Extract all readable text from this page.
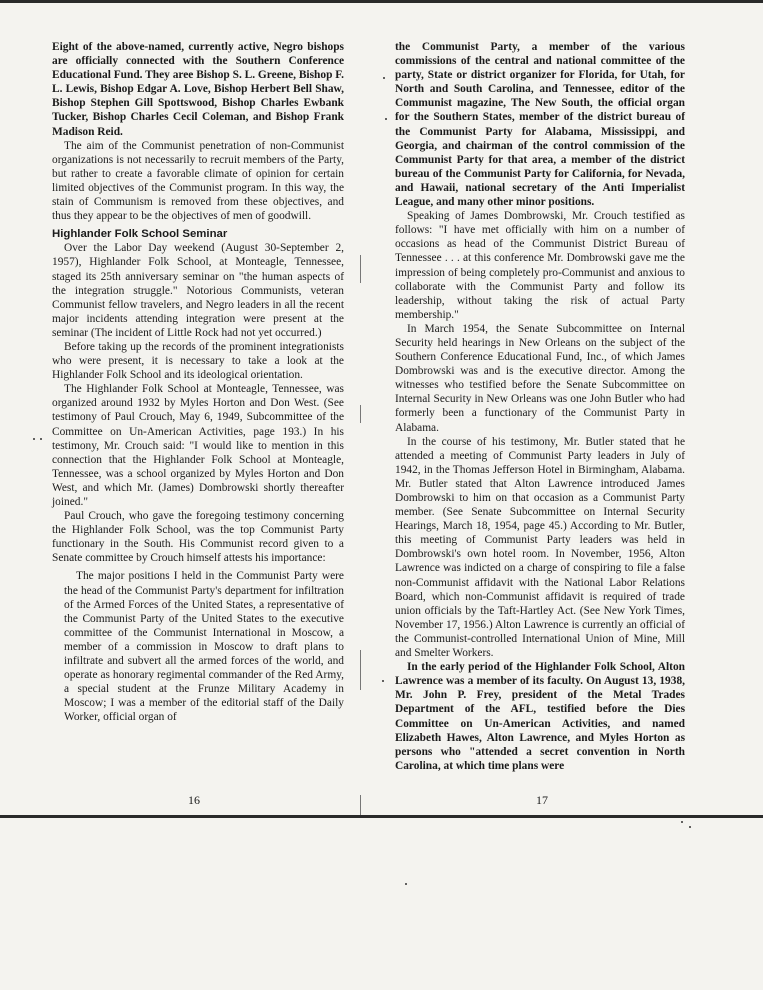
Eight of the above-named, currently active, Negro bishops are officially connected with the Southern Conference Educational Fund. They aree Bishop S. L. Greene, Bishop F. L. Lewis, Bishop Edgar A. Love, Bishop Herbert Bell Shaw, Bishop Stephen Gill Spottswood, Bishop Charles Ewbank Tucker, Bishop Charles Cecil Coleman, and Bishop Frank Madison Reid.

The aim of the Communist penetration of non-Communist organizations is not necessarily to recruit members of the Party, but rather to create a favorable climate of opinion for certain limited objectives of the Communist program. In this way, the stain of Communism is removed from these objectives, and thus they appear to be the objectives of men of goodwill.

Highlander Folk School Seminar

Over the Labor Day weekend (August 30-September 2, 1957), Highlander Folk School, at Monteagle, Tennessee, staged its 25th anniversary seminar on "the human aspects of the integration struggle." Notorious Communists, veteran Communist fellow travelers, and Negro leaders in all the recent major incidents attending integration were present at the seminar (The incident of Little Rock had not yet occurred.)

Before taking up the records of the prominent integrationists who were present, it is necessary to take a look at the Highlander Folk School and its ideological orientation.

The Highlander Folk School at Monteagle, Tennessee, was organized around 1932 by Myles Horton and Don West. (See testimony of Paul Crouch, May 6, 1949, Subcommittee of the Committee on Un-American Activities, page 193.) In his testimony, Mr. Crouch said: "I would like to mention in this connection that the Highlander Folk School at Monteagle, Tennessee, was a school organized by Myles Horton and Don West, and which Mr. (James) Dombrowski shortly thereafter joined."

Paul Crouch, who gave the foregoing testimony concerning the Highlander Folk School, was the top Communist Party functionary in the South. His Communist record given to a Senate committee by Crouch himself attests his importance:

The major positions I held in the Communist Party were the head of the Communist Party's department for infiltration of the Armed Forces of the United States, a representative of the Communist Party of the United States to the executive committee of the Communist International in Moscow, a member of a commission in Moscow to draft plans to infiltrate and subvert all the armed forces of the world, and operate as honorary regimental commander of the Red Army, a special student at the Frunze Military Academy in Moscow; I was a member of the editorial staff of the Daily Worker, official organ of

the Communist Party, a member of the various commissions of the central and national committee of the party, State or district organizer for Florida, for Utah, for North and South Carolina, and Tennessee, editor of the Communist magazine, The New South, the official organ for the Southern States, member of the district bureau of the Communist Party for Alabama, Mississippi, and Georgia, and chairman of the control commission of the Communist Party for that area, a member of the district bureau of the Communist Party for California, for Nevada, and Hawaii, national secretary of the Anti Imperialist League, and many other minor positions.

Speaking of James Dombrowski, Mr. Crouch testified as follows: "I have met officially with him on a number of occasions as head of the Communist District Bureau of Tennessee . . . at this conference Mr. Dombrowski gave me the impression of being completely pro-Communist and anxious to collaborate with the Communist Party and follow its leadership, without taking the risk of actual Party membership."

In March 1954, the Senate Subcommittee on Internal Security held hearings in New Orleans on the subject of the Southern Conference Educational Fund, Inc., of which James Dombrowski was and is the executive director. Among the witnesses who testified before the Senate Subcommittee on Internal Security in New Orleans was one John Butler who had formerly been a functionary of the Communist Party in Alabama.

In the course of his testimony, Mr. Butler stated that he attended a meeting of Communist Party leaders in July of 1942, in the Thomas Jefferson Hotel in Birmingham, Alabama. Mr. Butler stated that Alton Lawrence introduced James Dombrowski to him on that occasion as a Communist Party member. (See Senate Subcommittee on Internal Security Hearings, March 18, 1954, page 45.) According to Mr. Butler, this meeting of Communist Party leaders was held in Dombrowski's own hotel room. In November, 1956, Alton Lawrence was indicted on a charge of conspiring to file a false non-Communist affidavit with the National Labor Relations Board, which non-Communist affidavit is required of trade union officials by the Taft-Hartley Act. (See New York Times, November 17, 1956.) Alton Lawrence is currently an official of the Communist-controlled International Union of Mine, Mill and Smelter Workers.

In the early period of the Highlander Folk School, Alton Lawrence was a member of its faculty. On August 13, 1938, Mr. John P. Frey, president of the Metal Trades Department of the AFL, testified before the Dies Committee on Un-American Activities, and named Elizabeth Hawes, Alton Lawrence, and Myles Horton as persons who "attended a secret convention in North Carolina, at which time plans were

16	17
